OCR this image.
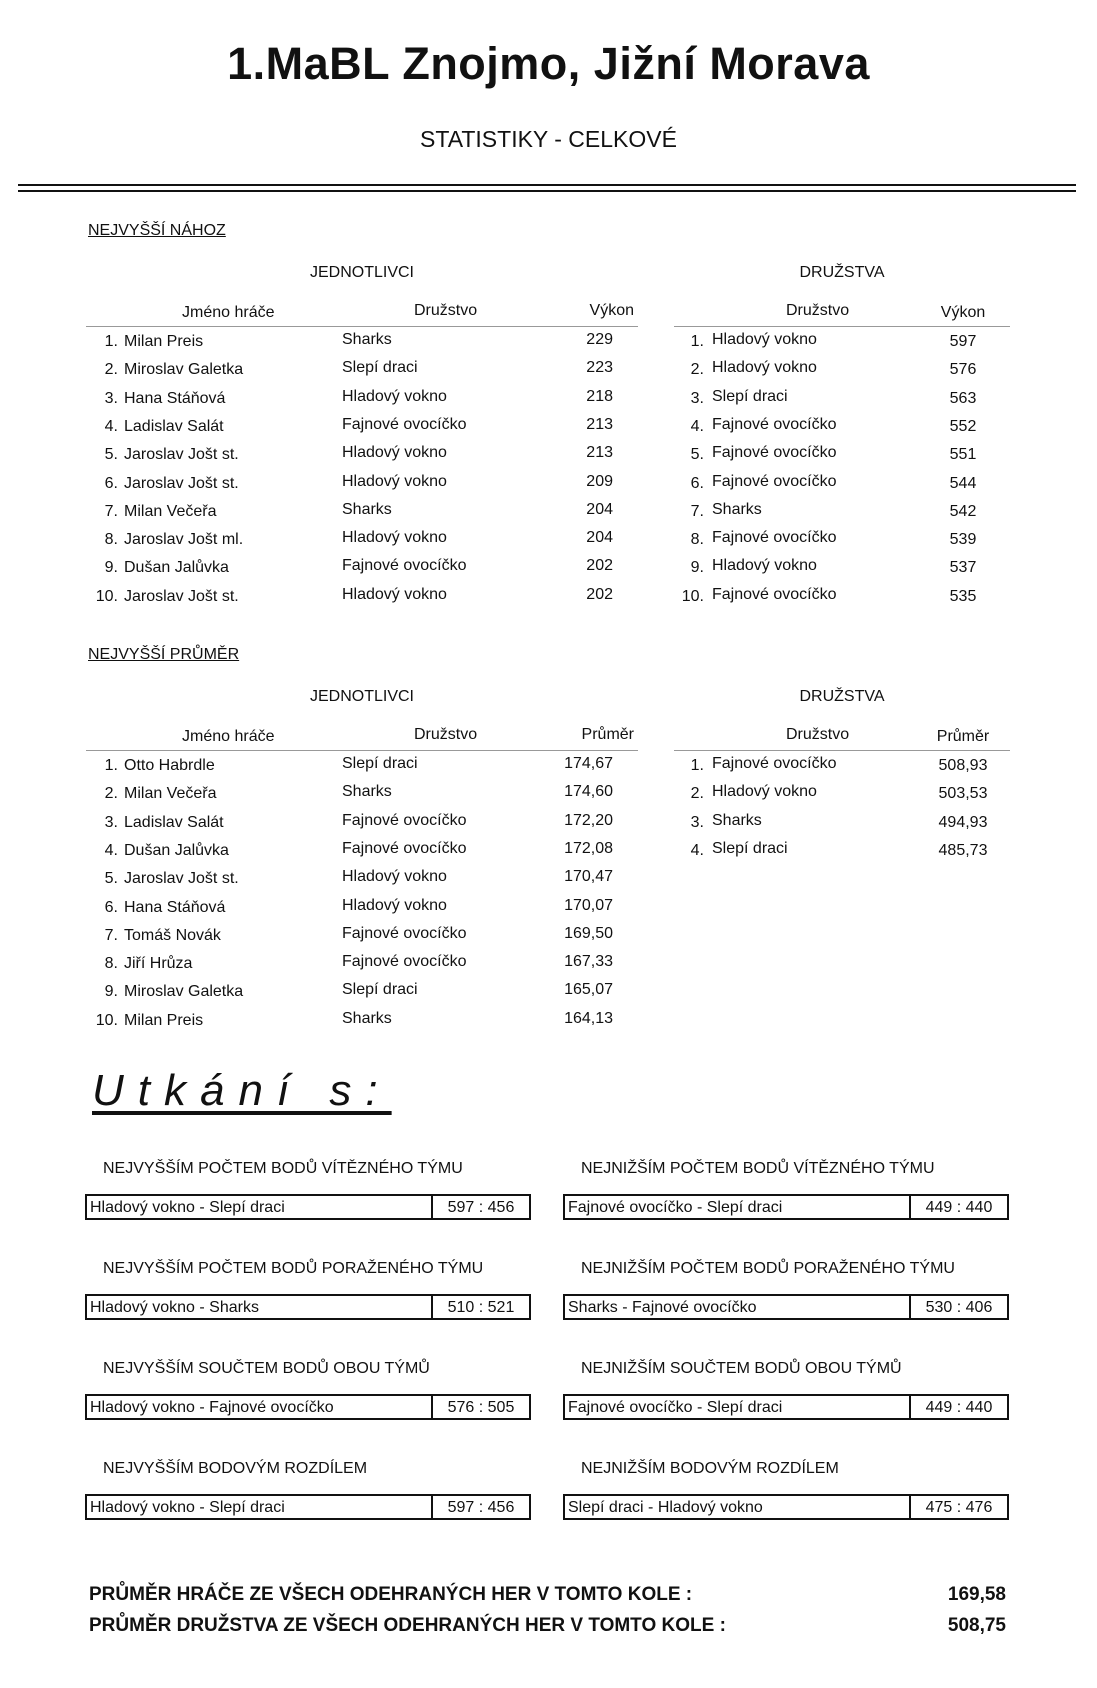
1.MaBL Znojmo, Jižní Morava
STATISTIKY - CELKOVÉ
NEJVYŠŠÍ NÁHOZ
JEDNOTLIVCI
Jméno hráče	Družstvo	Výkon
1. Milan Preis	Sharks	229
2. Miroslav Galetka	Slepí draci	223
3. Hana Stáňová	Hladový vokno	218
4. Ladislav Salát	Fajnové ovocíčko	213
5. Jaroslav Jošt st.	Hladový vokno	213
6. Jaroslav Jošt st.	Hladový vokno	209
7. Milan Večeřa	Sharks	204
8. Jaroslav Jošt ml.	Hladový vokno	204
9. Dušan Jalůvka	Fajnové ovocíčko	202
10. Jaroslav Jošt st.	Hladový vokno	202
DRUŽSTVA
Družstvo	Výkon
1. Hladový vokno	597
2. Hladový vokno	576
3. Slepí draci	563
4. Fajnové ovocíčko	552
5. Fajnové ovocíčko	551
6. Fajnové ovocíčko	544
7. Sharks	542
8. Fajnové ovocíčko	539
9. Hladový vokno	537
10. Fajnové ovocíčko	535
NEJVYŠŠÍ PRŮMĚR
JEDNOTLIVCI
Jméno hráče	Družstvo	Průměr
1. Otto Habrdle	Slepí draci	174,67
2. Milan Večeřa	Sharks	174,60
3. Ladislav Salát	Fajnové ovocíčko	172,20
4. Dušan Jalůvka	Fajnové ovocíčko	172,08
5. Jaroslav Jošt st.	Hladový vokno	170,47
6. Hana Stáňová	Hladový vokno	170,07
7. Tomáš Novák	Fajnové ovocíčko	169,50
8. Jiří Hrůza	Fajnové ovocíčko	167,33
9. Miroslav Galetka	Slepí draci	165,07
10. Milan Preis	Sharks	164,13
DRUŽSTVA
Družstvo	Průměr
1. Fajnové ovocíčko	508,93
2. Hladový vokno	503,53
3. Sharks	494,93
4. Slepí draci	485,73
Utkání s:
NEJVYŠŠÍM POČTEM BODŮ VÍTĚZNÉHO TÝMU
Hladový vokno - Slepí draci	597 : 456
NEJNIŽŠÍM POČTEM BODŮ VÍTĚZNÉHO TÝMU
Fajnové ovocíčko - Slepí draci	449 : 440
NEJVYŠŠÍM POČTEM BODŮ PORAŽENÉHO TÝMU
Hladový vokno - Sharks	510 : 521
NEJNIŽŠÍM POČTEM BODŮ PORAŽENÉHO TÝMU
Sharks - Fajnové ovocíčko	530 : 406
NEJVYŠŠÍM SOUČTEM BODŮ OBOU TÝMŮ
Hladový vokno - Fajnové ovocíčko	576 : 505
NEJNIŽŠÍM SOUČTEM BODŮ OBOU TÝMŮ
Fajnové ovocíčko - Slepí draci	449 : 440
NEJVYŠŠÍM BODOVÝM ROZDÍLEM
Hladový vokno - Slepí draci	597 : 456
NEJNIŽŠÍM BODOVÝM ROZDÍLEM
Slepí draci - Hladový vokno	475 : 476
PRŮMĚR HRÁČE ZE VŠECH ODEHRANÝCH HER V TOMTO KOLE :	169,58
PRŮMĚR DRUŽSTVA ZE VŠECH ODEHRANÝCH HER V TOMTO KOLE :	508,75
